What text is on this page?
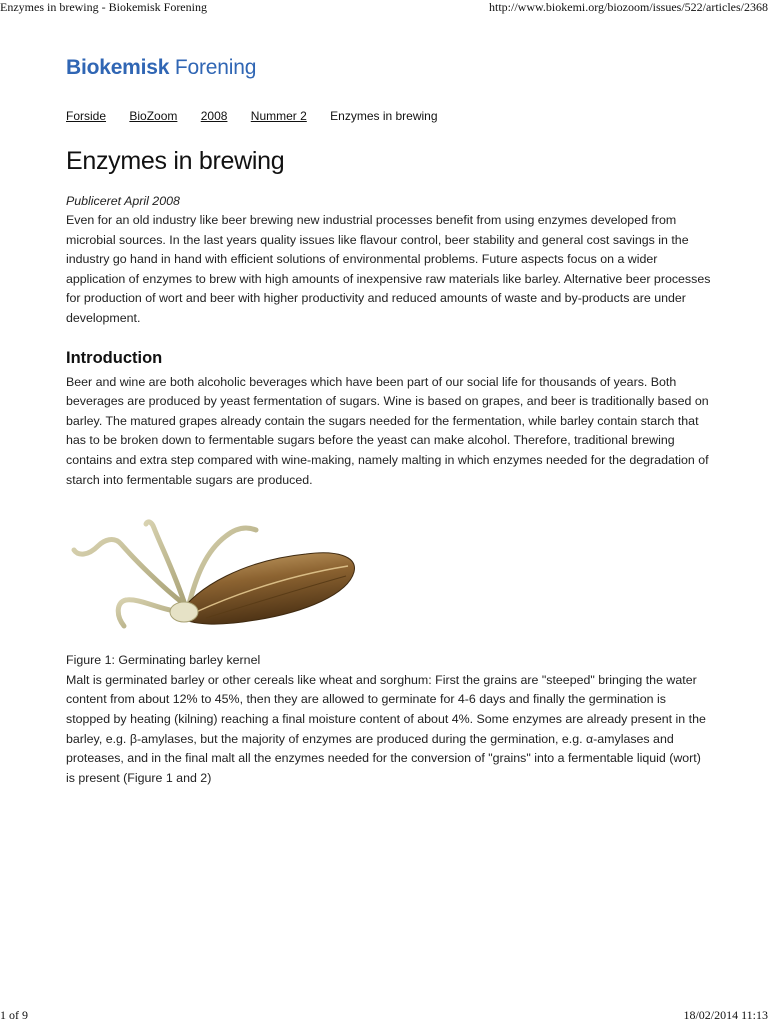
Enzymes in brewing - Biokemisk Forening	http://www.biokemi.org/biozoom/issues/522/articles/2368
Biokemisk Forening
Forside BioZoom 2008 Nummer 2 Enzymes in brewing
Enzymes in brewing
Publiceret April 2008

Even for an old industry like beer brewing new industrial processes benefit from using enzymes developed from microbial sources. In the last years quality issues like flavour control, beer stability and general cost savings in the industry go hand in hand with efficient solutions of environmental problems. Future aspects focus on a wider application of enzymes to brew with high amounts of inexpensive raw materials like barley. Alternative beer processes for production of wort and beer with higher productivity and reduced amounts of waste and by-products are under development.

Introduction

Beer and wine are both alcoholic beverages which have been part of our social life for thousands of years. Both beverages are produced by yeast fermentation of sugars. Wine is based on grapes, and beer is traditionally based on barley. The matured grapes already contain the sugars needed for the fermentation, while barley contain starch that has to be broken down to fermentable sugars before the yeast can make alcohol. Therefore, traditional brewing contains and extra step compared with wine-making, namely malting in which enzymes needed for the degradation of starch into fermentable sugars are produced.

Figure 1: Germinating barley kernel

Malt is germinated barley or other cereals like wheat and sorghum: First the grains are "steeped" bringing the water content from about 12% to 45%, then they are allowed to germinate for 4-6 days and finally the germination is stopped by heating (kilning) reaching a final moisture content of about 4%. Some enzymes are already present in the barley, e.g. β-amylases, but the majority of enzymes are produced during the germination, e.g. α-amylases and proteases, and in the final malt all the enzymes needed for the conversion of "grains" into a fermentable liquid (wort) is present (Figure 1 and 2)

1 of 9	18/02/2014 11:13
